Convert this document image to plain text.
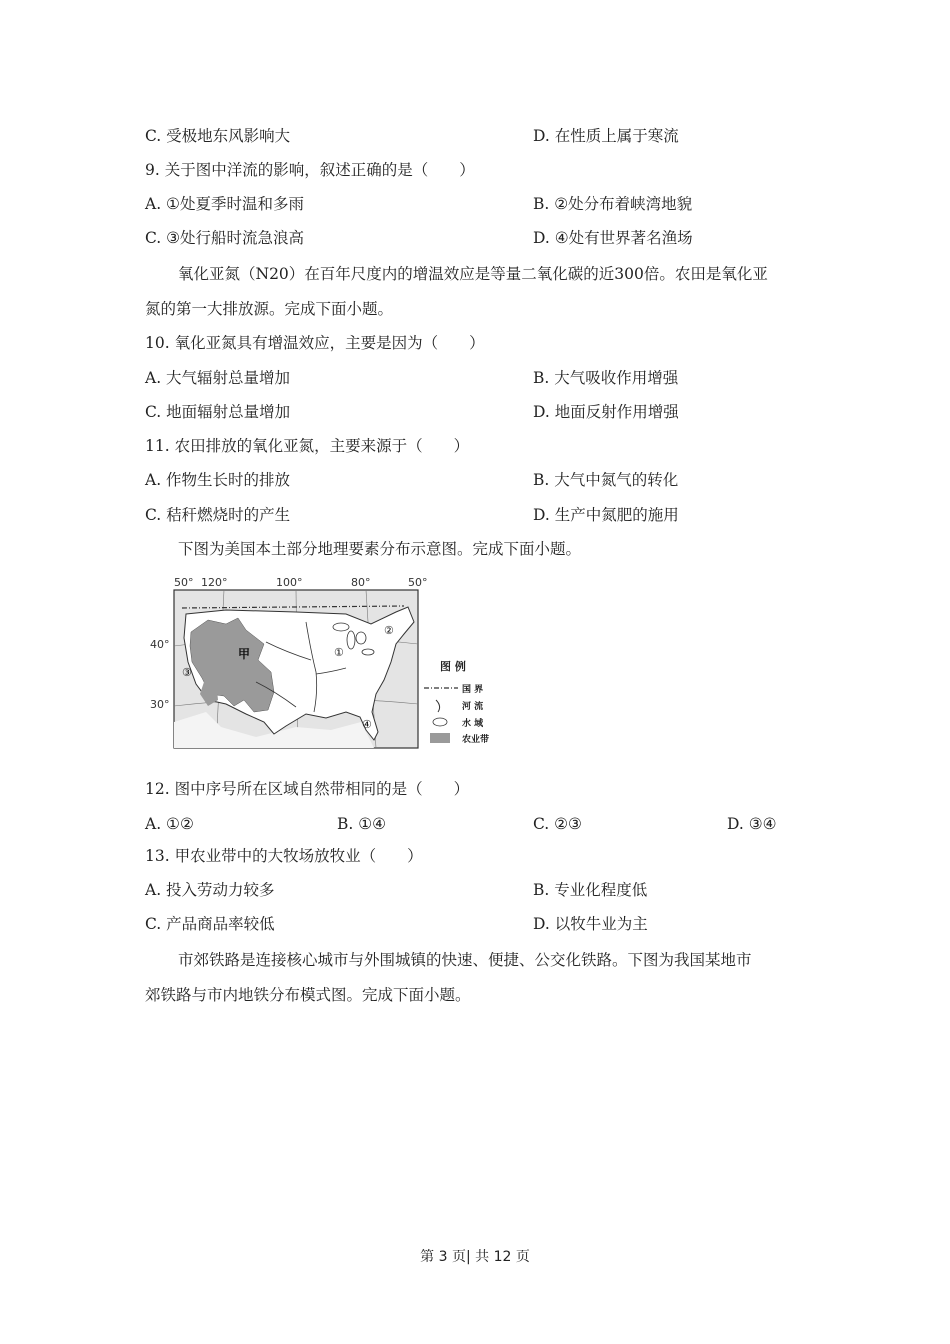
C. 受极地东风影响大	D. 在性质上属于寒流
9. 关于图中洋流的影响，叙述正确的是（　　）
A. ①处夏季时温和多雨	B. ②处分布着峡湾地貌
C. ③处行船时流急浪高	D. ④处有世界著名渔场
氧化亚氮（N20）在百年尺度内的增温效应是等量二氧化碳的近300倍。农田是氧化亚
氮的第一大排放源。完成下面小题。
10. 氧化亚氮具有增温效应，主要是因为（　　）
A. 大气辐射总量增加	B. 大气吸收作用增强
C. 地面辐射总量增加	D. 地面反射作用增强
11. 农田排放的氧化亚氮，主要来源于（　　）
A. 作物生长时的排放	B. 大气中氮气的转化
C. 秸秆燃烧时的产生	D. 生产中氮肥的施用
下图为美国本土部分地理要素分布示意图。完成下面小题。
50° 120°	100°	80°	50°
40°
30°
甲	①
②
③
④
图 例
国 界
河 流
水 域
农业带
12. 图中序号所在区域自然带相同的是（　　）
A. ①②	B. ①④	C. ②③	D. ③④
13. 甲农业带中的大牧场放牧业（　　）
A. 投入劳动力较多	B. 专业化程度低
C. 产品商品率较低	D. 以牧牛业为主
市郊铁路是连接核心城市与外围城镇的快速、便捷、公交化铁路。下图为我国某地市
郊铁路与市内地铁分布模式图。完成下面小题。
第 3 页| 共 12 页
